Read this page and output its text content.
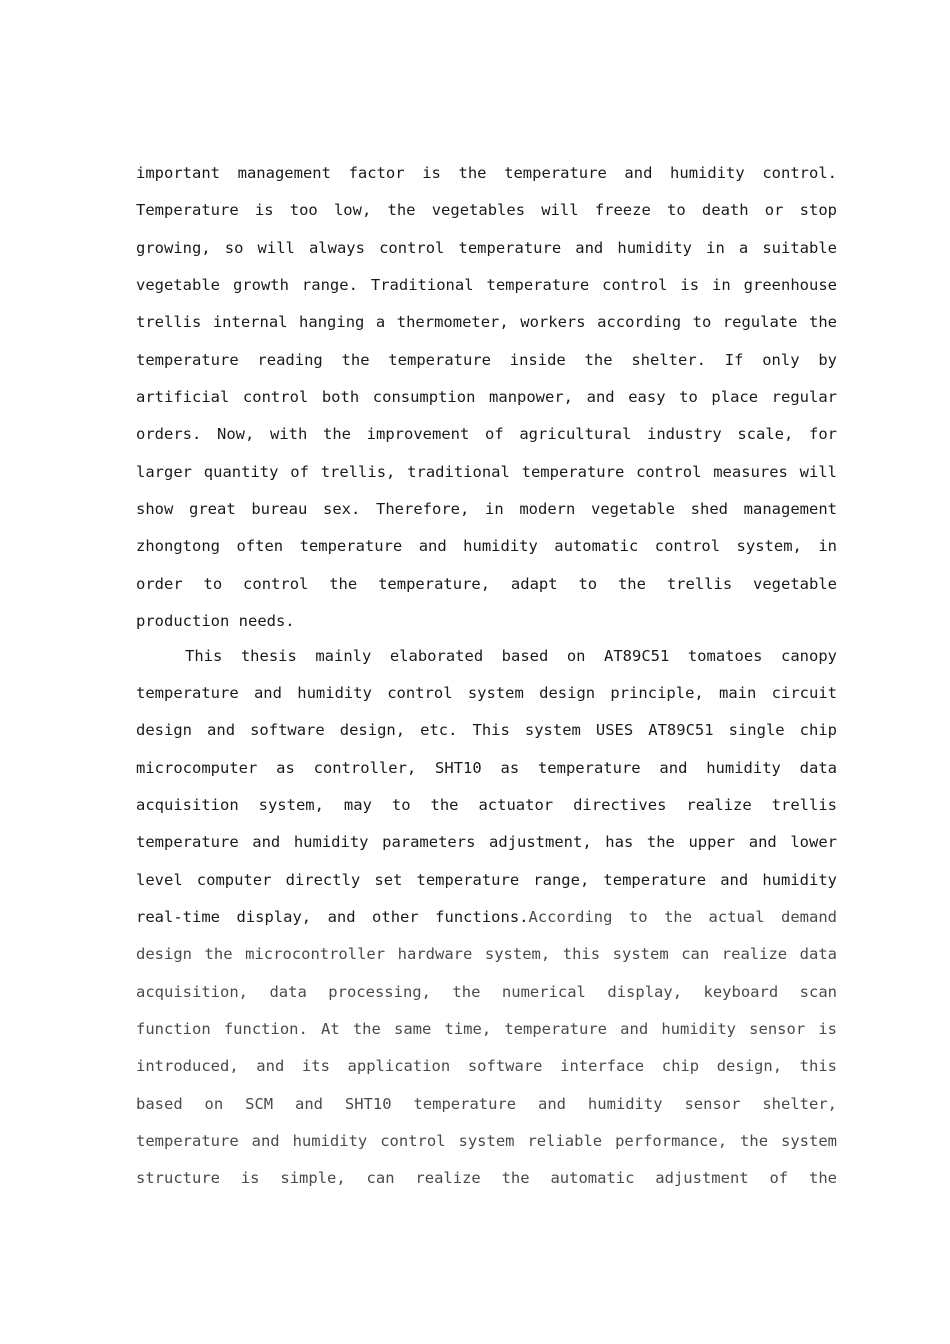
important management factor is the temperature and humidity control.
Temperature is too low, the vegetables will freeze to death or stop
growing, so will always control temperature and humidity in a suitable
vegetable growth range. Traditional temperature control is in greenhouse
trellis internal hanging a thermometer, workers according to regulate the
temperature reading the temperature inside the shelter. If only by
artificial control both consumption manpower, and easy to place regular
orders. Now, with the improvement of agricultural industry scale, for
larger quantity of trellis, traditional temperature control measures will
show great bureau sex. Therefore, in modern vegetable shed management
zhongtong often temperature and humidity automatic control system, in
order to control the temperature, adapt to the trellis vegetable
production needs.
This thesis mainly elaborated based on AT89C51 tomatoes canopy
temperature and humidity control system design principle, main circuit
design and software design, etc. This system USES AT89C51 single chip
microcomputer as controller, SHT10 as temperature and humidity data
acquisition system, may to the actuator directives realize trellis
temperature and humidity parameters adjustment, has the upper and lower
level computer directly set temperature range, temperature and humidity
real-time display, and other functions.According to the actual demand
design the microcontroller hardware system, this system can realize data
acquisition, data processing, the numerical display, keyboard scan
function function. At the same time, temperature and humidity sensor is
introduced, and its application software interface chip design, this
based on SCM and SHT10 temperature and humidity sensor shelter,
temperature and humidity control system reliable performance, the system
structure is simple, can realize the automatic adjustment of the
